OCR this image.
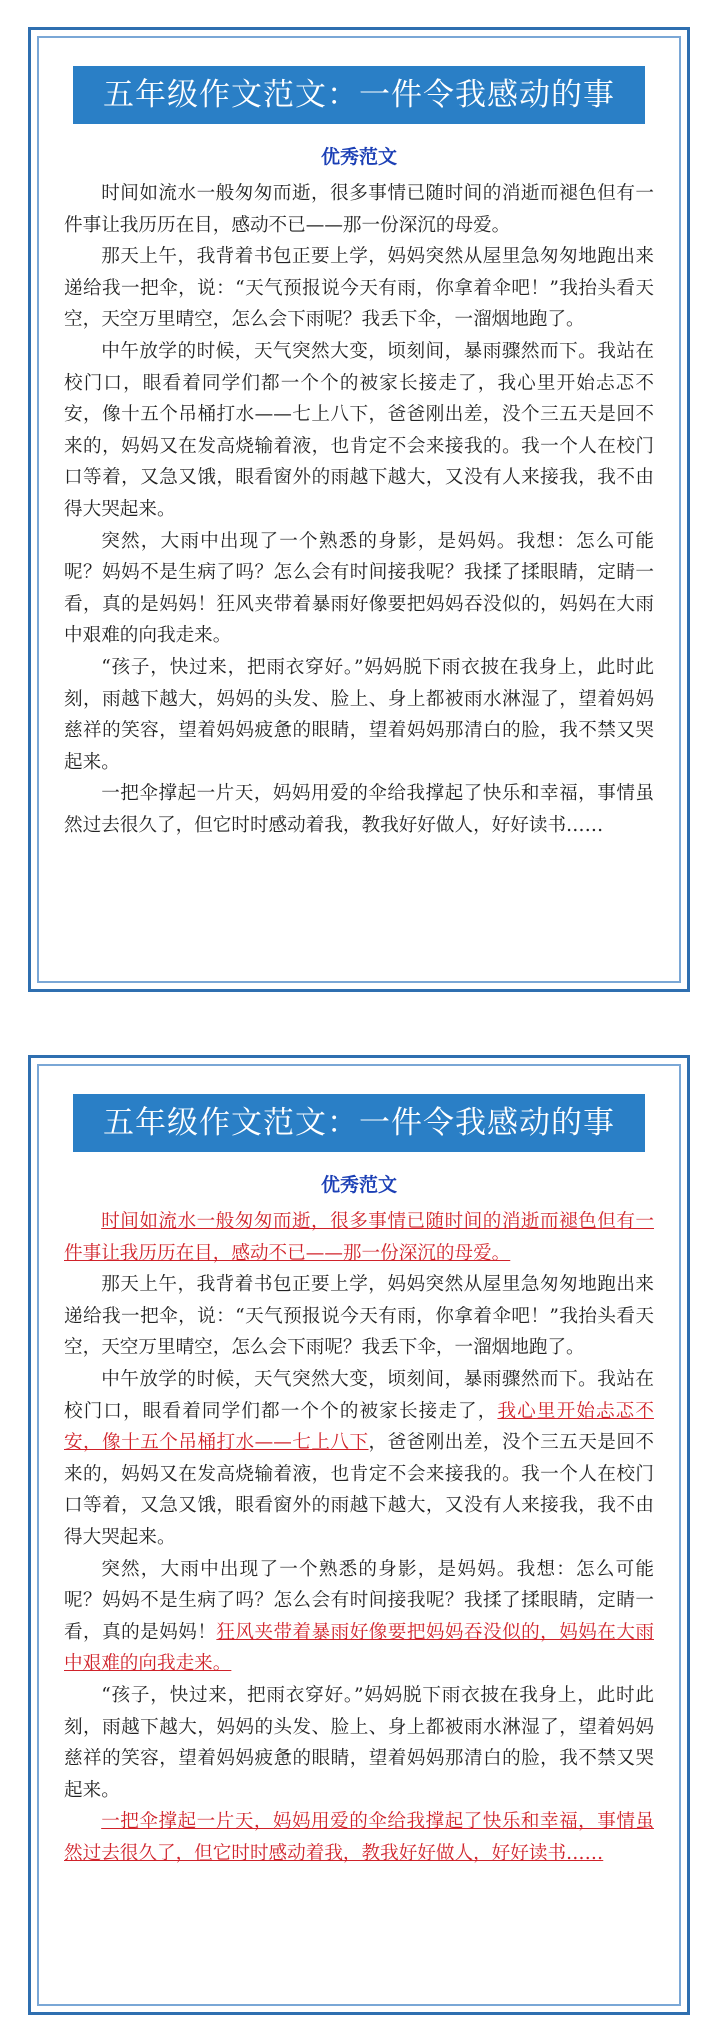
五年级作文范文：一件令我感动的事
优秀范文

时间如流水一般匆匆而逝，很多事情已随时间的消逝而褪色但有一件事让我历历在目，感动不已——那一份深沉的母爱。

那天上午，我背着书包正要上学，妈妈突然从屋里急匆匆地跑出来递给我一把伞，说：“天气预报说今天有雨，你拿着伞吧！”我抬头看天空，天空万里晴空，怎么会下雨呢？我丢下伞，一溜烟地跑了。

中午放学的时候，天气突然大变，顷刻间，暴雨骤然而下。我站在校门口，眼看着同学们都一个个的被家长接走了，我心里开始忐忑不安，像十五个吊桶打水——七上八下，爸爸刚出差，没个三五天是回不来的，妈妈又在发高烧输着液，也肯定不会来接我的。我一个人在校门口等着，又急又饿，眼看窗外的雨越下越大，又没有人来接我，我不由得大哭起来。

突然，大雨中出现了一个熟悉的身影，是妈妈。我想：怎么可能呢？妈妈不是生病了吗？怎么会有时间接我呢？我揉了揉眼睛，定睛一看，真的是妈妈！狂风夹带着暴雨好像要把妈妈吞没似的，妈妈在大雨中艰难的向我走来。

“孩子，快过来，把雨衣穿好。”妈妈脱下雨衣披在我身上，此时此刻，雨越下越大，妈妈的头发、脸上、身上都被雨水淋湿了，望着妈妈慈祥的笑容，望着妈妈疲惫的眼睛，望着妈妈那清白的脸，我不禁又哭起来。

一把伞撑起一片天，妈妈用爱的伞给我撑起了快乐和幸福，事情虽然过去很久了，但它时时感动着我，教我好好做人，好好读书……

五年级作文范文：一件令我感动的事
优秀范文

时间如流水一般匆匆而逝，很多事情已随时间的消逝而褪色但有一件事让我历历在目，感动不已——那一份深沉的母爱。

那天上午，我背着书包正要上学，妈妈突然从屋里急匆匆地跑出来递给我一把伞，说：“天气预报说今天有雨，你拿着伞吧！”我抬头看天空，天空万里晴空，怎么会下雨呢？我丢下伞，一溜烟地跑了。

中午放学的时候，天气突然大变，顷刻间，暴雨骤然而下。我站在校门口，眼看着同学们都一个个的被家长接走了，我心里开始忐忑不安，像十五个吊桶打水——七上八下，爸爸刚出差，没个三五天是回不来的，妈妈又在发高烧输着液，也肯定不会来接我的。我一个人在校门口等着，又急又饿，眼看窗外的雨越下越大，又没有人来接我，我不由得大哭起来。

突然，大雨中出现了一个熟悉的身影，是妈妈。我想：怎么可能呢？妈妈不是生病了吗？怎么会有时间接我呢？我揉了揉眼睛，定睛一看，真的是妈妈！狂风夹带着暴雨好像要把妈妈吞没似的，妈妈在大雨中艰难的向我走来。

“孩子，快过来，把雨衣穿好。”妈妈脱下雨衣披在我身上，此时此刻，雨越下越大，妈妈的头发、脸上、身上都被雨水淋湿了，望着妈妈慈祥的笑容，望着妈妈疲惫的眼睛，望着妈妈那清白的脸，我不禁又哭起来。

一把伞撑起一片天，妈妈用爱的伞给我撑起了快乐和幸福，事情虽然过去很久了，但它时时感动着我，教我好好做人，好好读书……
